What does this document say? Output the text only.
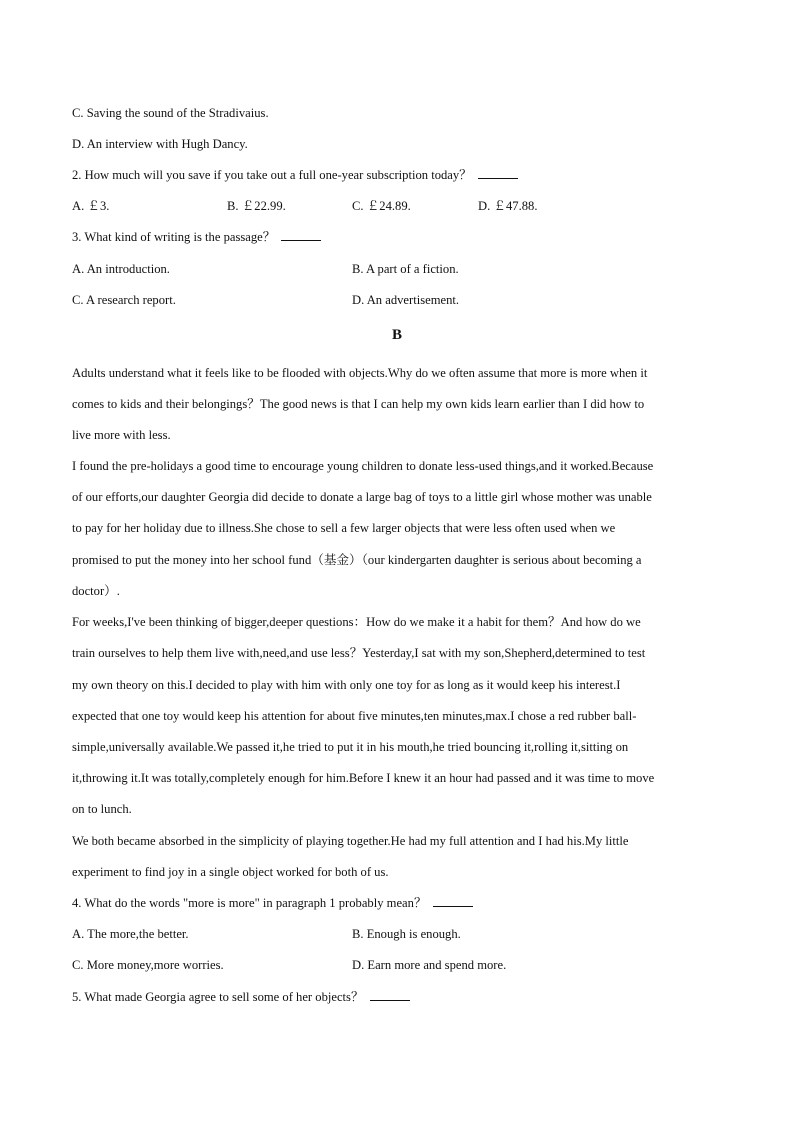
C. Saving the sound of the Stradivaius.
D. An interview with Hugh Dancy.
2. How much will you save if you take out a full one-year subscription today？
A. ￡3.	B. ￡22.99.	C. ￡24.89.	D. ￡47.88.
3. What kind of writing is the passage？
A. An introduction.	B. A part of a fiction.
C. A research report.	D. An advertisement.
B
Adults understand what it feels like to be flooded with objects.Why do we often assume that more is more when it
comes to kids and their belongings？The good news is that I can help my own kids learn earlier than I did how to
live more with less.
I found the pre-holidays a good time to encourage young children to donate less-used things,and it worked.Because
of our efforts,our daughter Georgia did decide to donate a large bag of toys to a little girl whose mother was unable
to pay for her holiday due to illness.She chose to sell a few larger objects that were less often used when we
promised to put the money into her school fund（基金）（our kindergarten daughter is serious about becoming a
doctor）.
For weeks,I've been thinking of bigger,deeper questions：How do we make it a habit for them？And how do we
train ourselves to help them live with,need,and use less？Yesterday,I sat with my son,Shepherd,determined to test
my own theory on this.I decided to play with him with only one toy for as long as it would keep his interest.I
expected that one toy would keep his attention for about five minutes,ten minutes,max.I chose a red rubber ball-
simple,universally available.We passed it,he tried to put it in his mouth,he tried bouncing it,rolling it,sitting on
it,throwing it.It was totally,completely enough for him.Before I knew it an hour had passed and it was time to move
on to lunch.
We both became absorbed in the simplicity of playing together.He had my full attention and I had his.My little
experiment to find joy in a single object worked for both of us.
4. What do the words "more is more" in paragraph 1 probably mean？
A. The more,the better.	B. Enough is enough.
C. More money,more worries.	D. Earn more and spend more.
5. What made Georgia agree to sell some of her objects？
